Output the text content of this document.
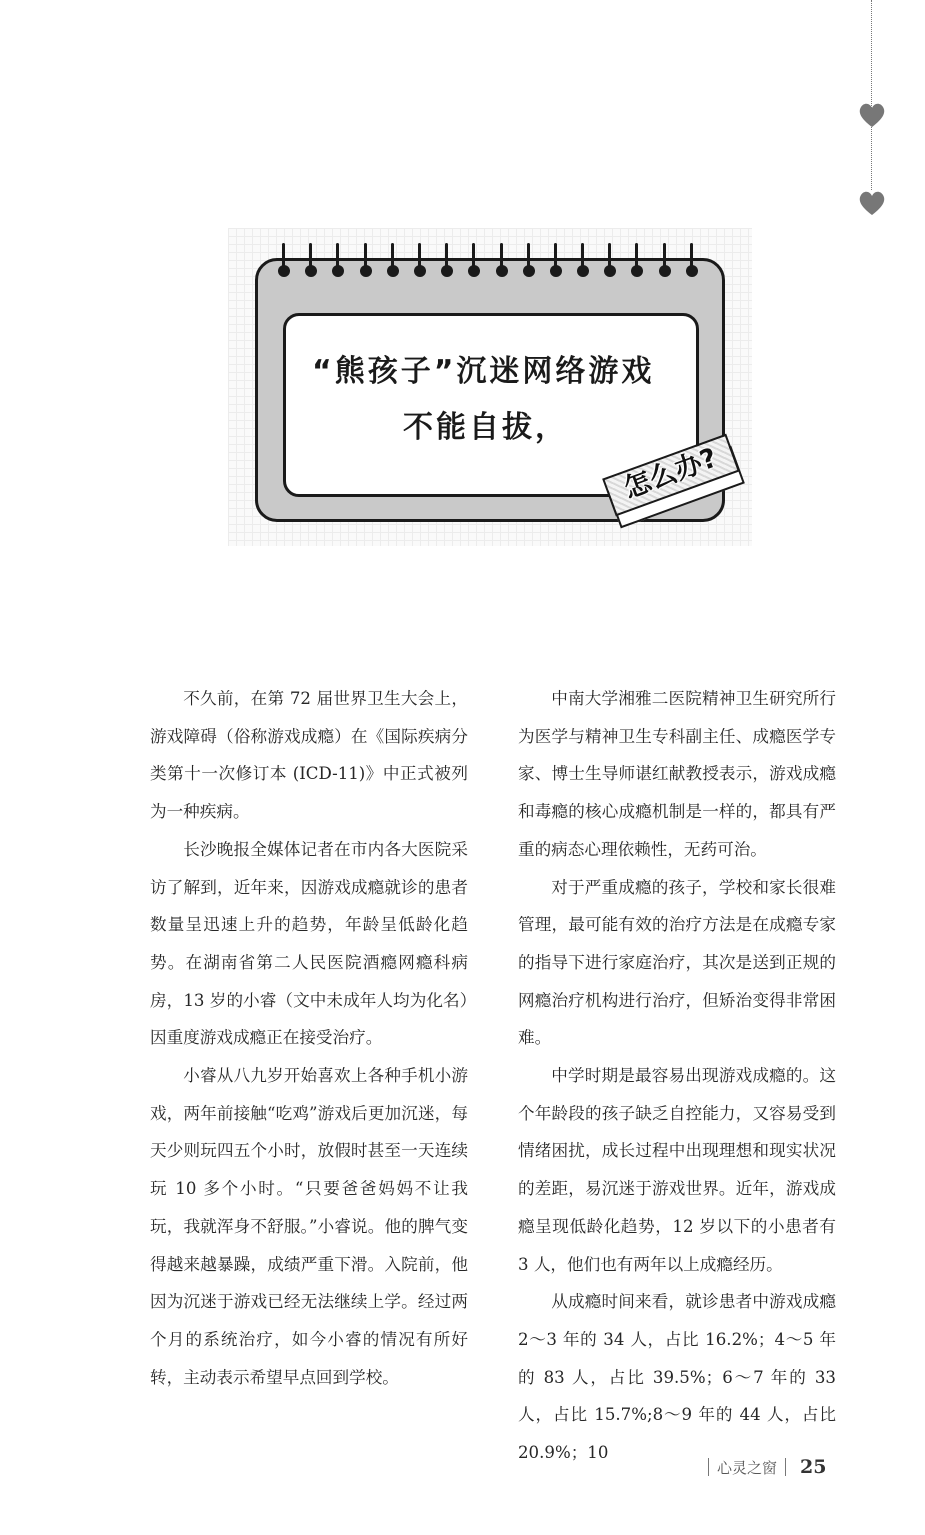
“熊孩子”沉迷网络游戏
不能自拔，
怎么办?

不久前，在第 72 届世界卫生大会上，游戏障碍（俗称游戏成瘾）在《国际疾病分类第十一次修订本 (ICD-11)》中正式被列为一种疾病。

长沙晚报全媒体记者在市内各大医院采访了解到，近年来，因游戏成瘾就诊的患者数量呈迅速上升的趋势，年龄呈低龄化趋势。在湖南省第二人民医院酒瘾网瘾科病房，13 岁的小睿（文中未成年人均为化名）因重度游戏成瘾正在接受治疗。

小睿从八九岁开始喜欢上各种手机小游戏，两年前接触“吃鸡”游戏后更加沉迷，每天少则玩四五个小时，放假时甚至一天连续玩 10 多个小时。“只要爸爸妈妈不让我玩，我就浑身不舒服。”小睿说。他的脾气变得越来越暴躁，成绩严重下滑。入院前，他因为沉迷于游戏已经无法继续上学。经过两个月的系统治疗，如今小睿的情况有所好转，主动表示希望早点回到学校。

中南大学湘雅二医院精神卫生研究所行为医学与精神卫生专科副主任、成瘾医学专家、博士生导师谌红献教授表示，游戏成瘾和毒瘾的核心成瘾机制是一样的，都具有严重的病态心理依赖性，无药可治。

对于严重成瘾的孩子，学校和家长很难管理，最可能有效的治疗方法是在成瘾专家的指导下进行家庭治疗，其次是送到正规的网瘾治疗机构进行治疗，但矫治变得非常困难。

中学时期是最容易出现游戏成瘾的。这个年龄段的孩子缺乏自控能力，又容易受到情绪困扰，成长过程中出现理想和现实状况的差距，易沉迷于游戏世界。近年，游戏成瘾呈现低龄化趋势，12 岁以下的小患者有 3 人，他们也有两年以上成瘾经历。

从成瘾时间来看，就诊患者中游戏成瘾 2～3 年的 34 人，占比 16.2%；4～5 年的 83 人，占比 39.5%；6～7 年的 33 人，占比 15.7%;8～9 年的 44 人，占比 20.9%；10

心灵之窗 25
